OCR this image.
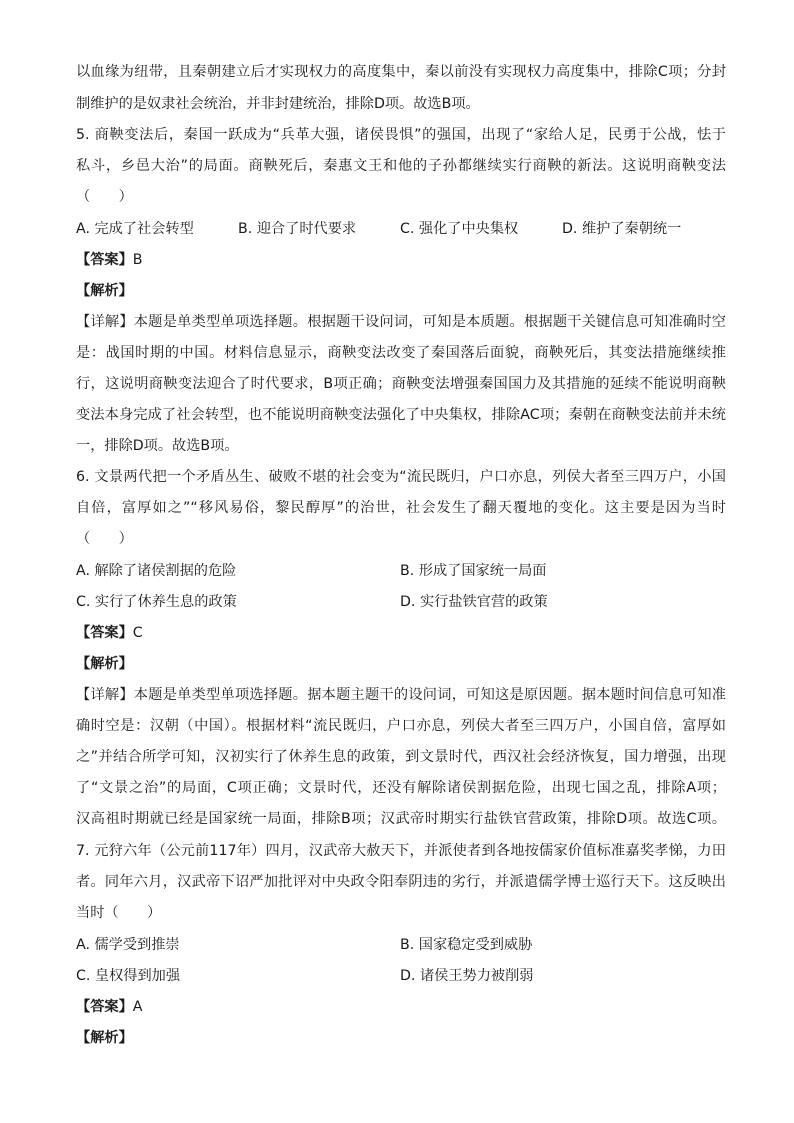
以血缘为纽带，且秦朝建立后才实现权力的高度集中，秦以前没有实现权力高度集中，排除C项；分封
制维护的是奴隶社会统治，并非封建统治，排除D项。故选B项。
5. 商鞅变法后，秦国一跃成为“兵革大强，诸侯畏惧”的强国，出现了“家给人足，民勇于公战，怯于
私斗，乡邑大治”的局面。商鞅死后，秦惠文王和他的子孙都继续实行商鞅的新法。这说明商鞅变法
（　　）
A. 完成了社会转型	B. 迎合了时代要求	C. 强化了中央集权	D. 维护了秦朝统一
【答案】B
【解析】
【详解】本题是单类型单项选择题。根据题干设问词，可知是本质题。根据题干关键信息可知准确时空
是：战国时期的中国。材料信息显示，商鞅变法改变了秦国落后面貌，商鞅死后，其变法措施继续推
行，这说明商鞅变法迎合了时代要求，B项正确；商鞅变法增强秦国国力及其措施的延续不能说明商鞅
变法本身完成了社会转型，也不能说明商鞅变法强化了中央集权，排除AC项；秦朝在商鞅变法前并未统
一，排除D项。故选B项。
6. 文景两代把一个矛盾丛生、破败不堪的社会变为“流民既归，户口亦息，列侯大者至三四万户，小国
自倍，富厚如之”“移风易俗，黎民醇厚”的治世，社会发生了翻天覆地的变化。这主要是因为当时
（　　）
A. 解除了诸侯割据的危险	B. 形成了国家统一局面
C. 实行了休养生息的政策	D. 实行盐铁官营的政策
【答案】C
【解析】
【详解】本题是单类型单项选择题。据本题主题干的设问词，可知这是原因题。据本题时间信息可知准
确时空是：汉朝（中国）。根据材料“流民既归，户口亦息，列侯大者至三四万户，小国自倍，富厚如
之”并结合所学可知，汉初实行了休养生息的政策，到文景时代，西汉社会经济恢复，国力增强，出现
了“文景之治”的局面，C项正确；文景时代，还没有解除诸侯割据危险，出现七国之乱，排除A项；
汉高祖时期就已经是国家统一局面，排除B项；汉武帝时期实行盐铁官营政策，排除D项。故选C项。
7. 元狩六年（公元前117年）四月，汉武帝大赦天下，并派使者到各地按儒家价值标准嘉奖孝悌，力田
者。同年六月，汉武帝下诏严加批评对中央政令阳奉阴违的劣行，并派遣儒学博士巡行天下。这反映出
当时（　　）
A. 儒学受到推崇	B. 国家稳定受到威胁
C. 皇权得到加强	D. 诸侯王势力被削弱
【答案】A
【解析】
